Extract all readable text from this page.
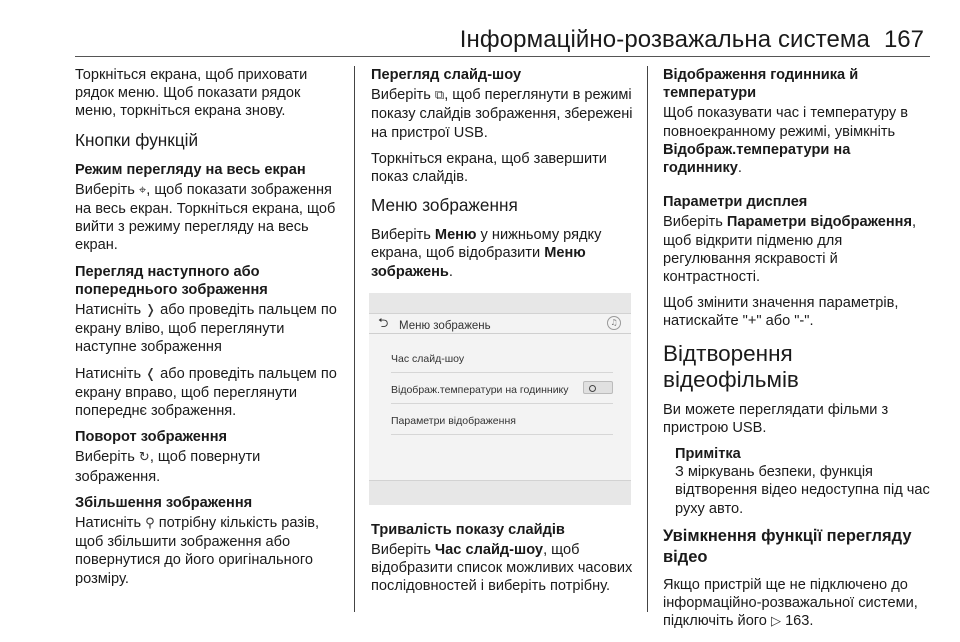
Інформаційно-розважальна система 167

Торкніться екрана, щоб приховати рядок меню. Щоб показати рядок меню, торкніться екрана знову.

Кнопки функцій
Режим перегляду на весь екран

Виберіть ⌖, щоб показати зображення на весь екран. Торкніться екрана, щоб вийти з режиму перегляду на весь екран.

Перегляд наступного або попереднього зображення

Натисніть ❭ або проведіть пальцем по екрану вліво, щоб переглянути наступне зображення

Натисніть ❬ або проведіть пальцем по екрану вправо, щоб переглянути попереднє зображення.

Поворот зображення

Виберіть ↻, щоб повернути зображення.

Збільшення зображення

Натисніть ⚲ потрібну кількість разів, щоб збільшити зображення або повернутися до його оригінального розміру.

Перегляд слайд-шоу

Виберіть ⧉, щоб переглянути в режимі показу слайдів зображення, збережені на пристрої USB.

Торкніться екрана, щоб завершити показ слайдів.

Меню зображення

Виберіть Меню у нижньому рядку екрана, щоб відобразити Меню зображень.

⮌ Меню зображень	♫
Час слайд-шоу
Відображ.температури на годиннику
Параметри відображення
Тривалість показу слайдів

Виберіть Час слайд-шоу, щоб відобразити список можливих часових послідовностей і виберіть потрібну.

Відображення годинника й температури

Щоб показувати час і температуру в повноекранному режимі, увімкніть Відображ.температури на годиннику.

Параметри дисплея

Виберіть Параметри відображення, щоб відкрити підменю для регулювання яскравості й контрастності.

Щоб змінити значення параметрів, натискайте "+" або "-".

Відтворення відеофільмів

Ви можете переглядати фільми з пристрою USB.

Примітка
З міркувань безпеки, функція відтворення відео недоступна під час руху авто.
Увімкнення функції перегляду відео

Якщо пристрій ще не підключено до інформаційно-розважальної системи, підключіть його ▷ 163.
